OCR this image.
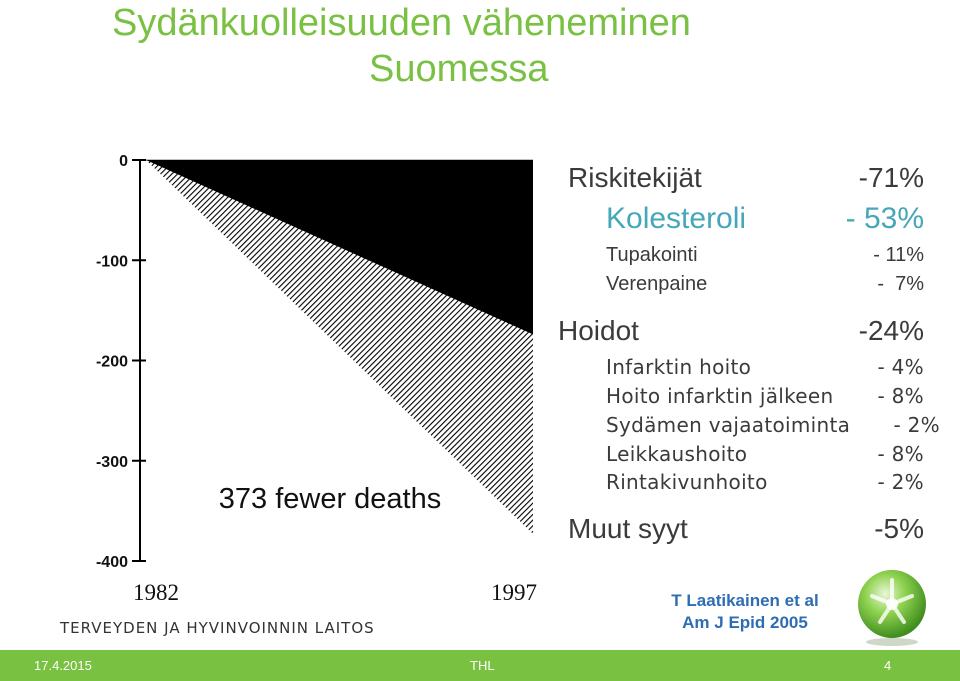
Sydänkuolleisuuden väheneminen
Suomessa
0
-100
-200
-300
-400
1982	1997
373 fewer deaths
Riskitekijät	-71%
Kolesteroli	- 53%
Tupakointi	- 11%
Verenpaine	-  7%
Hoidot	-24%
Infarktin hoito	- 4%
Hoito infarktin jälkeen - 8%
Sydämen vajaatoiminta - 2%
Leikkaushoito	- 8%
Rintakivunhoito	- 2%
Muut syyt	-5%
T Laatikainen et al
Am J Epid 2005
TERVEYDEN JA HYVINVOINNIN LAITOS
17.4.2015	THL	4
